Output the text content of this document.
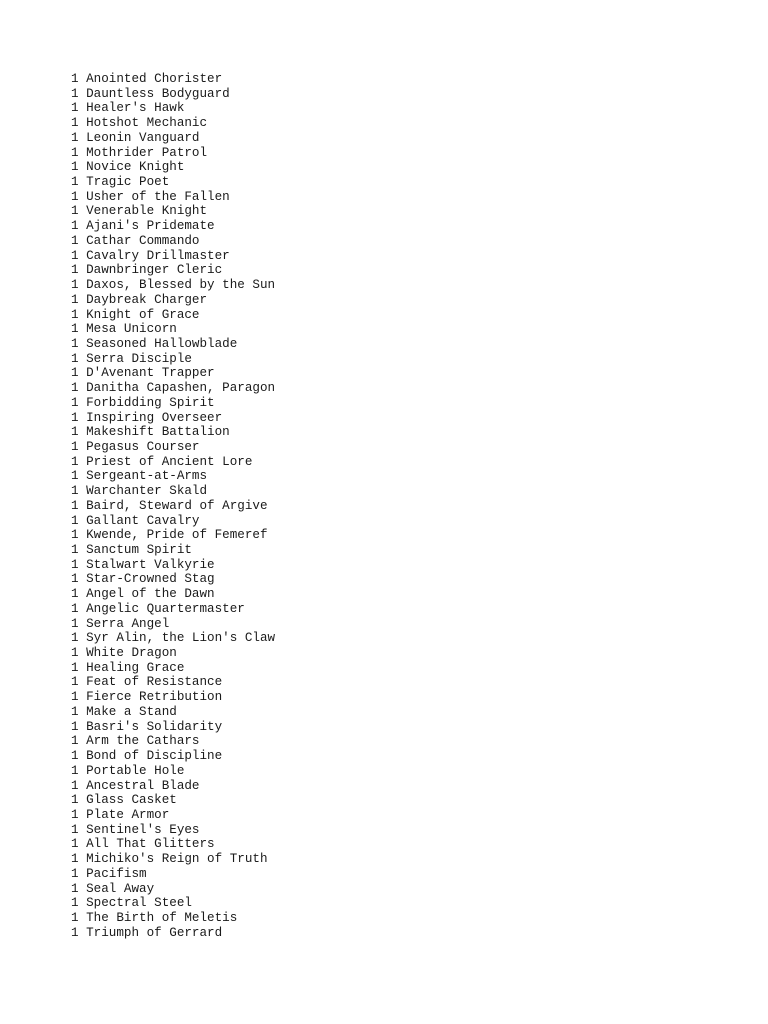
1 Anointed Chorister
1 Dauntless Bodyguard
1 Healer's Hawk
1 Hotshot Mechanic
1 Leonin Vanguard
1 Mothrider Patrol
1 Novice Knight
1 Tragic Poet
1 Usher of the Fallen
1 Venerable Knight
1 Ajani's Pridemate
1 Cathar Commando
1 Cavalry Drillmaster
1 Dawnbringer Cleric
1 Daxos, Blessed by the Sun
1 Daybreak Charger
1 Knight of Grace
1 Mesa Unicorn
1 Seasoned Hallowblade
1 Serra Disciple
1 D'Avenant Trapper
1 Danitha Capashen, Paragon
1 Forbidding Spirit
1 Inspiring Overseer
1 Makeshift Battalion
1 Pegasus Courser
1 Priest of Ancient Lore
1 Sergeant-at-Arms
1 Warchanter Skald
1 Baird, Steward of Argive
1 Gallant Cavalry
1 Kwende, Pride of Femeref
1 Sanctum Spirit
1 Stalwart Valkyrie
1 Star-Crowned Stag
1 Angel of the Dawn
1 Angelic Quartermaster
1 Serra Angel
1 Syr Alin, the Lion's Claw
1 White Dragon
1 Healing Grace
1 Feat of Resistance
1 Fierce Retribution
1 Make a Stand
1 Basri's Solidarity
1 Arm the Cathars
1 Bond of Discipline
1 Portable Hole
1 Ancestral Blade
1 Glass Casket
1 Plate Armor
1 Sentinel's Eyes
1 All That Glitters
1 Michiko's Reign of Truth
1 Pacifism
1 Seal Away
1 Spectral Steel
1 The Birth of Meletis
1 Triumph of Gerrard
